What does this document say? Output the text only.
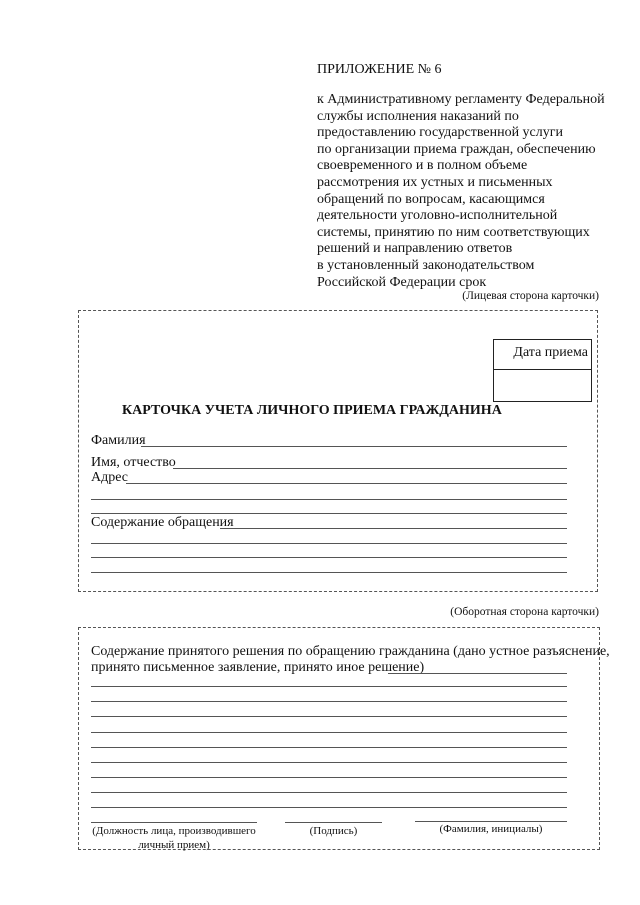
ПРИЛОЖЕНИЕ № 6
к Административному регламенту Федеральной
службы исполнения наказаний по
предоставлению государственной услуги
по организации приема граждан, обеспечению
своевременного и в полном объеме
рассмотрения их устных и письменных
обращений по вопросам, касающимся
деятельности уголовно-исполнительной
системы, принятию по ним соответствующих
решений и направлению ответов
в установленный законодательством
Российской Федерации срок
(Лицевая сторона карточки)
Дата приема
КАРТОЧКА УЧЕТА ЛИЧНОГО ПРИЕМА ГРАЖДАНИНА
Фамилия
Имя, отчество
Адрес
Содержание обращения
(Оборотная сторона карточки)
Содержание принятого решения по обращению гражданина (дано устное разъяснение,
принято письменное заявление, принято иное решение)
(Должность лица, производившего
личный прием)
(Подпись)	(Фамилия, инициалы)
